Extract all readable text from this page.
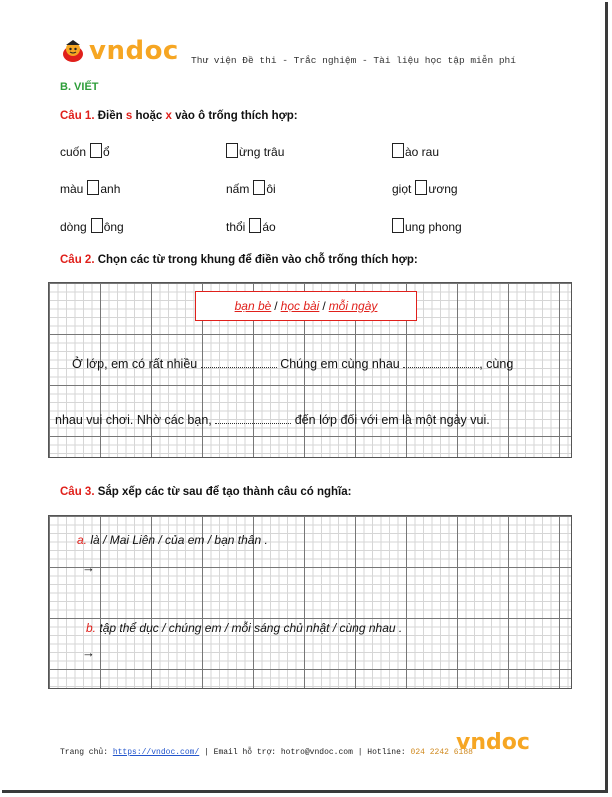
vndoc Thư viện Đề thi - Trắc nghiệm - Tài liệu học tập miễn phí
B. VIẾT
Câu 1. Điền s hoặc x vào ô trống thích hợp:
cuốn ổ	ừng trâu	ào rau
màu anh	nấm ôi	giọt ương
dòng ông	thổi áo	ung phong
Câu 2. Chọn các từ trong khung để điền vào chỗ trống thích hợp:
bạn bè / học bài / mỗi ngày
Ở lớp, em có rất nhiều	Chúng em cùng nhau	, cùng
nhau vui chơi. Nhờ các bạn,	đến lớp đối với em là một ngày vui.
Câu 3. Sắp xếp các từ sau để tạo thành câu có nghĩa:
a. là / Mai Liên / của em / bạn thân .
→
b. tập thể dục / chúng em / mỗi sáng chủ nhật / cùng nhau .
→
Trang chủ: https://vndoc.com/ | Email hỗ trợ: hotro@vndoc.com | Hotline: 024 2242 6188
vndoc
